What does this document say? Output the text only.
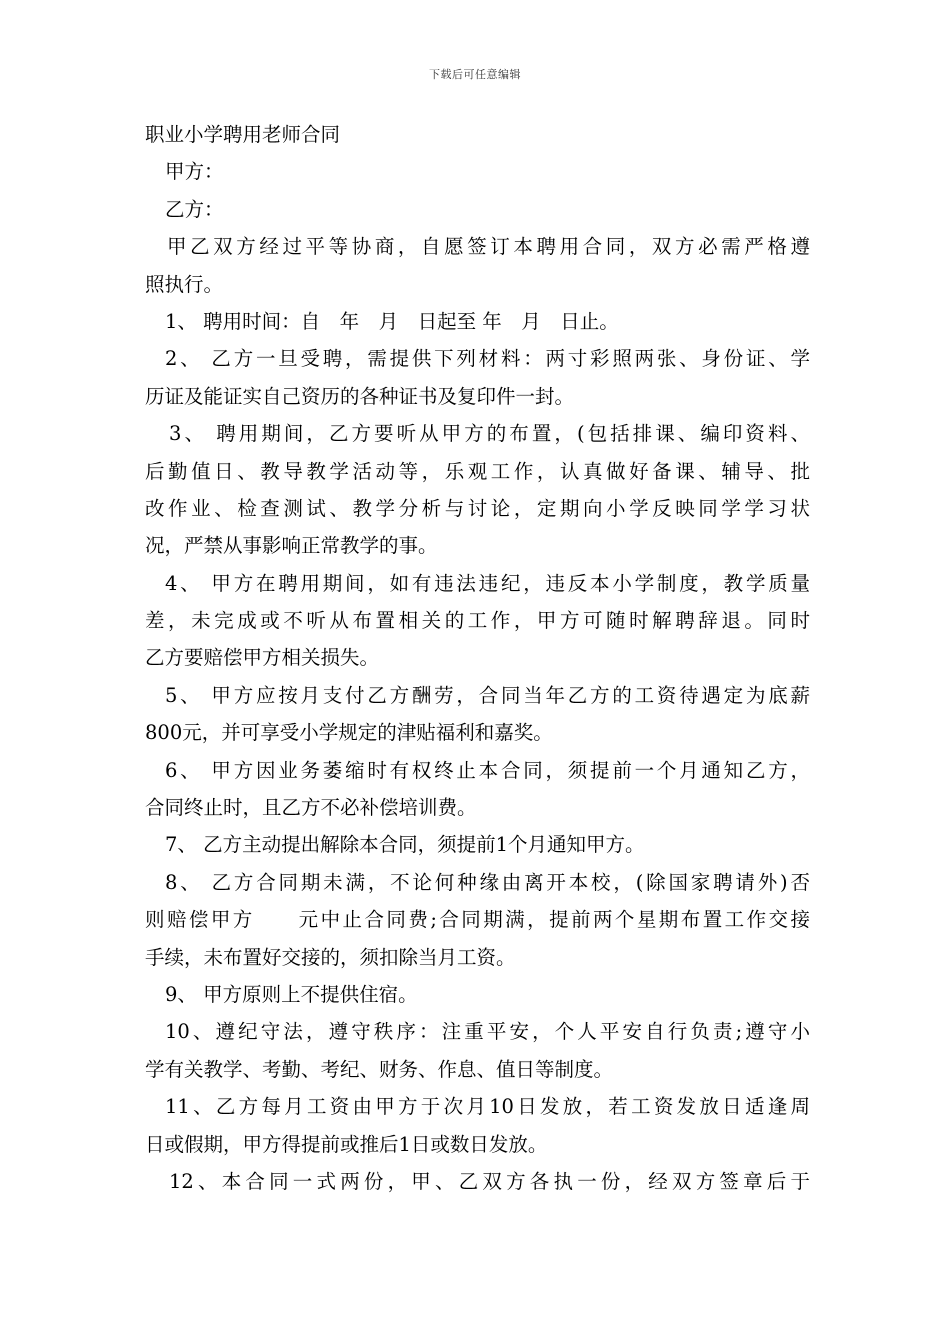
下载后可任意编辑
职业小学聘用老师合同
甲方：
乙方：
甲乙双方经过平等协商，自愿签订本聘用合同，双方必需严格遵
照执行。
1、 聘用时间：自　年　月　日起至 年　月　日止。
2、 乙方一旦受聘，需提供下列材料：两寸彩照两张、身份证、学
历证及能证实自己资历的各种证书及复印件一封。
3、 聘用期间，乙方要听从甲方的布置，(包括排课、编印资料、
后勤值日、教导教学活动等，乐观工作，认真做好备课、辅导、批
改作业、检查测试、教学分析与讨论，定期向小学反映同学学习状
况，严禁从事影响正常教学的事。
4、 甲方在聘用期间，如有违法违纪，违反本小学制度，教学质量
差，未完成或不听从布置相关的工作，甲方可随时解聘辞退。同时
乙方要赔偿甲方相关损失。
5、 甲方应按月支付乙方酬劳，合同当年乙方的工资待遇定为底薪
800元，并可享受小学规定的津贴福利和嘉奖。
6、 甲方因业务萎缩时有权终止本合同，须提前一个月通知乙方，
合同终止时，且乙方不必补偿培训费。
7、 乙方主动提出解除本合同，须提前1个月通知甲方。
8、 乙方合同期未满，不论何种缘由离开本校，(除国家聘请外)否
则赔偿甲方　　元中止合同费;合同期满，提前两个星期布置工作交接
手续，未布置好交接的，须扣除当月工资。
9、 甲方原则上不提供住宿。
10、遵纪守法，遵守秩序：注重平安，个人平安自行负责;遵守小
学有关教学、考勤、考纪、财务、作息、值日等制度。
11、乙方每月工资由甲方于次月10日发放，若工资发放日适逢周
日或假期，甲方得提前或推后1日或数日发放。
12、本合同一式两份，甲、乙双方各执一份，经双方签章后于
